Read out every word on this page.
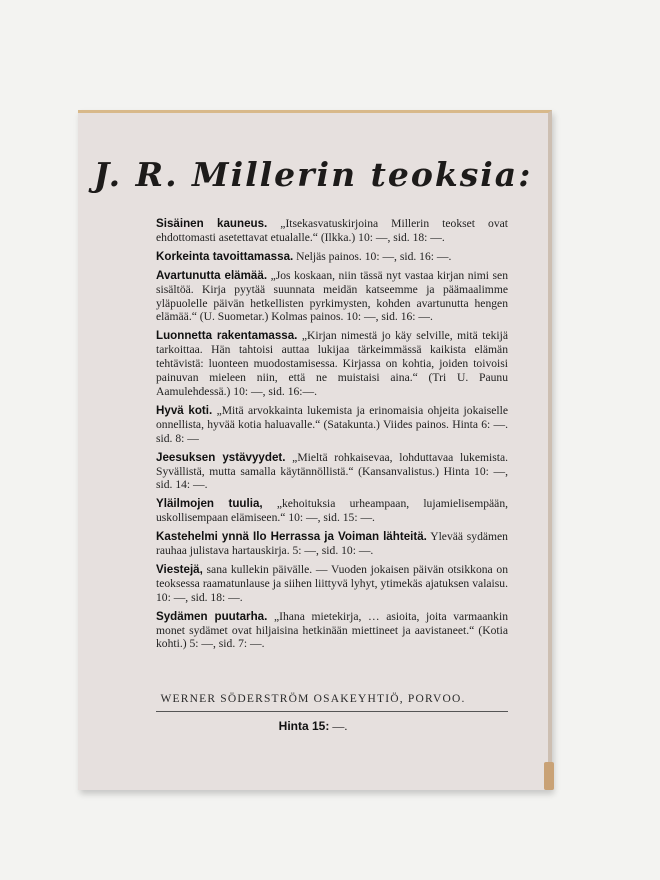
J. R. Millerin teoksia:
Sisäinen kauneus. „Itsekasvatuskirjoina Millerin teokset ovat ehdottomasti asetettavat etualalle.“ (Ilkka.) 10: —, sid. 18: —.
Korkeinta tavoittamassa. Neljäs painos. 10: —, sid. 16: —.
Avartunutta elämää. „Jos koskaan, niin tässä nyt vastaa kirjan nimi sen sisältöä. Kirja pyytää suunnata meidän katseemme ja päämaalimme yläpuolelle päivän hetkellisten pyrkimysten, kohden avartunutta hengen elämää.“ (U. Suometar.) Kolmas painos. 10: —, sid. 16: —.
Luonnetta rakentamassa. „Kirjan nimestä jo käy selville, mitä tekijä tarkoittaa. Hän tahtoisi auttaa lukijaa tärkeimmässä kaikista elämän tehtävistä: luonteen muodostamisessa. Kirjassa on kohtia, joiden toivoisi painuvan mieleen niin, että ne muistaisi aina.“ (Tri U. Paunu Aamulehdessä.) 10: —, sid. 16:—.
Hyvä koti. „Mitä arvokkainta lukemista ja erinomaisia ohjeita jokaiselle onnellista, hyvää kotia haluavalle.“ (Satakunta.) Viides painos. Hinta 6: —. sid. 8: —
Jeesuksen ystävyydet. „Mieltä rohkaisevaa, lohduttavaa lukemista. Syvällistä, mutta samalla käytännöllistä.“ (Kansanvalistus.) Hinta 10: —, sid. 14: —.
Yläilmojen tuulia, „kehoituksia urheampaan, lujamielisempään, uskollisempaan elämiseen.“ 10: —, sid. 15: —.
Kastehelmi ynnä Ilo Herrassa ja Voiman lähteitä. Ylevää sydämen rauhaa julistava hartauskirja. 5: —, sid. 10: —.
Viestejä, sana kullekin päivälle. — Vuoden jokaisen päivän otsikkona on teoksessa raamatunlause ja siihen liittyvä lyhyt, ytimekäs ajatuksen valaisu. 10: —, sid. 18: —.
Sydämen puutarha. „Ihana mietekirja, … asioita, joita varmaankin monet sydämet ovat hiljaisina hetkinään miettineet ja aavistaneet.“ (Kotia kohti.) 5: —, sid. 7: —.
WERNER SÖDERSTRÖM OSAKEYHTIÖ, PORVOO.
Hinta 15: —.
